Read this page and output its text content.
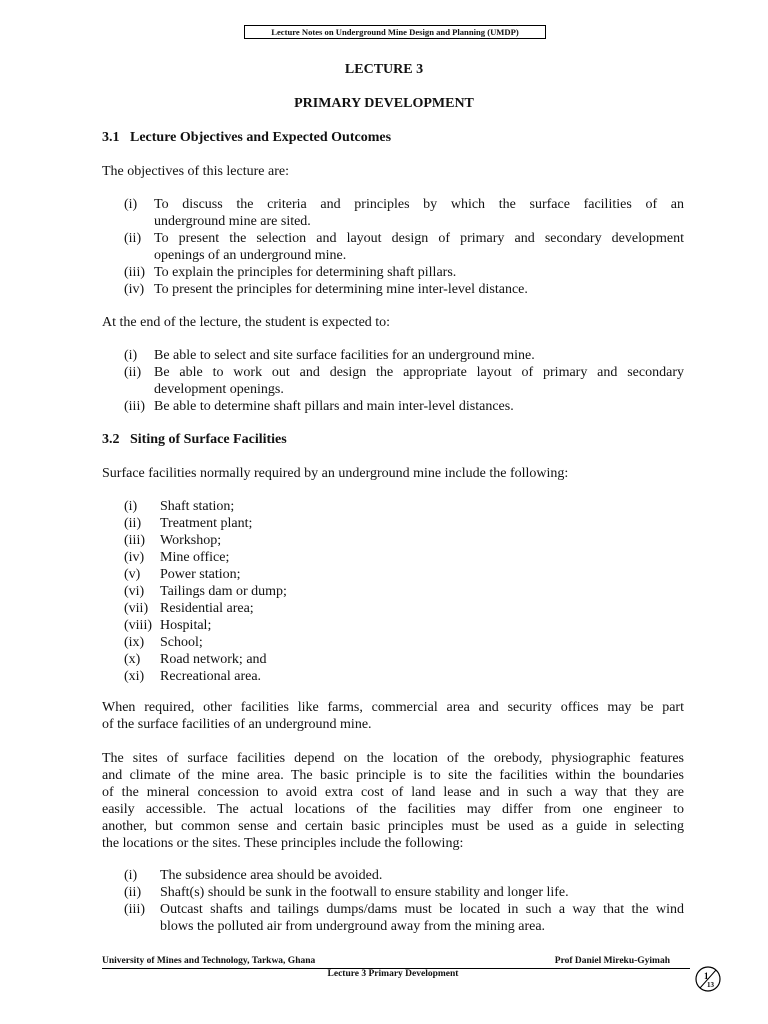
Lecture Notes on Underground Mine Design and Planning (UMDP)
LECTURE 3
PRIMARY DEVELOPMENT
3.1 Lecture Objectives and Expected Outcomes

The objectives of this lecture are:

(i) To discuss the criteria and principles by which the surface facilities of an
underground mine are sited.
(ii) To present the selection and layout design of primary and secondary development
openings of an underground mine.
(iii) To explain the principles for determining shaft pillars.
(iv) To present the principles for determining mine inter-level distance.

At the end of the lecture, the student is expected to:

(i) Be able to select and site surface facilities for an underground mine.
(ii) Be able to work out and design the appropriate layout of primary and secondary
development openings.
(iii) Be able to determine shaft pillars and main inter-level distances.
3.2 Siting of Surface Facilities

Surface facilities normally required by an underground mine include the following:

(i) Shaft station;
(ii) Treatment plant;
(iii) Workshop;
(iv) Mine office;
(v) Power station;
(vi) Tailings dam or dump;
(vii) Residential area;
(viii) Hospital;
(ix) School;
(x) Road network; and
(xi) Recreational area.

When required, other facilities like farms, commercial area and security offices may be part
of the surface facilities of an underground mine.

The sites of surface facilities depend on the location of the orebody, physiographic features
and climate of the mine area. The basic principle is to site the facilities within the boundaries
of the mineral concession to avoid extra cost of land lease and in such a way that they are
easily accessible. The actual locations of the facilities may differ from one engineer to
another, but common sense and certain basic principles must be used as a guide in selecting
the locations or the sites. These principles include the following:

(i) The subsidence area should be avoided.
(ii) Shaft(s) should be sunk in the footwall to ensure stability and longer life.
(iii) Outcast shafts and tailings dumps/dams must be located in such a way that the wind
blows the polluted air from underground away from the mining area.
University of Mines and Technology, Tarkwa, Ghana	Prof Daniel Mireku-Gyimah
Lecture 3 Primary Development	1
13
